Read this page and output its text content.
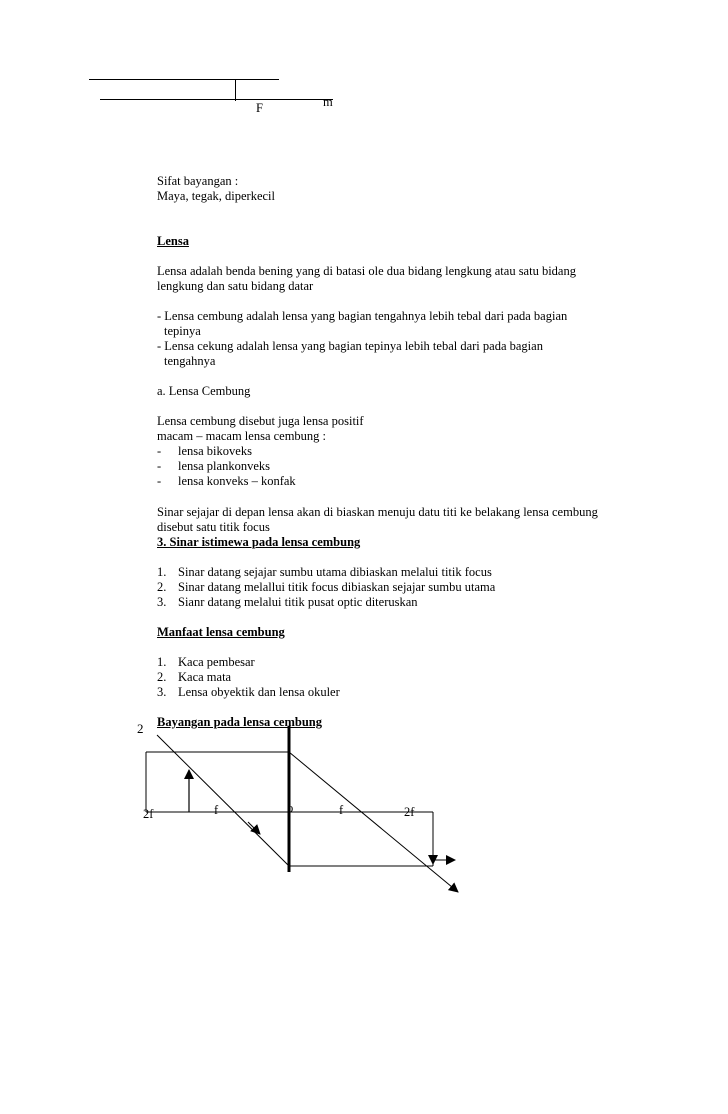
F	m
Sifat bayangan :
Maya, tegak, diperkecil
Lensa
Lensa adalah benda bening yang di batasi ole dua bidang lengkung atau satu bidang
lengkung dan satu bidang datar
- Lensa cembung adalah lensa yang bagian tengahnya lebih tebal dari pada bagian
tepinya
- Lensa cekung adalah lensa yang bagian tepinya lebih tebal dari pada bagian
tengahnya
a. Lensa Cembung
Lensa cembung disebut juga lensa positif
macam – macam lensa cembung :
- lensa bikoveks
- lensa plankonveks
- lensa konveks – konfak
Sinar sejajar di depan lensa akan di biaskan menuju datu titi ke belakang lensa cembung
disebut satu titik focus
3. Sinar istimewa pada lensa cembung
1. Sinar datang sejajar sumbu utama dibiaskan melalui titik focus
2. Sinar datang melallui titik focus dibiaskan sejajar sumbu utama
3. Sianr datang melalui titik pusat optic diteruskan
Manfaat lensa cembung
1. Kaca pembesar
2. Kaca mata
3. Lensa obyektik dan lensa okuler
Bayangan pada lensa cembung
2
2f	f	o	f	2f
